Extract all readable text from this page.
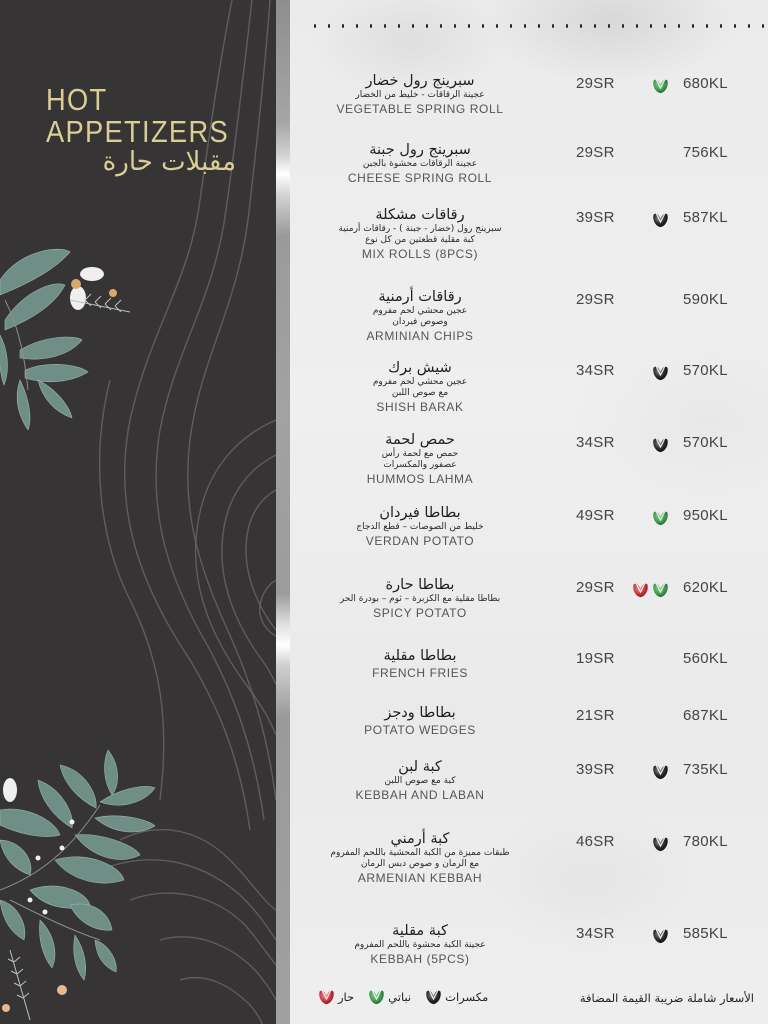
HOT
APPETIZERS
مقبلات حارة
سبرينج رول خضار
عجينة الرقاقات - خليط من الخضار
VEGETABLE SPRING ROLL
29SR	680KL
سبرينج رول جبنة
عجينة الرقاقات محشوة بالجبن
CHEESE SPRING ROLL
29SR	756KL
رقاقات مشكلة
سبرينج رول (خضار - جبنة ) - رقاقات أرمنية
كبة مقلية قطعتين من كل نوع
MIX ROLLS (8PCS)
39SR	587KL
رقاقات أرمنية
عجين محشي لحم مفروم
وصوص فيردان
ARMINIAN CHIPS
29SR	590KL
شيش برك
عجين محشي لحم مفروم
مع صوص اللبن
SHISH BARAK
34SR	570KL
حمص لحمة
حمص مع لحمة رأس
عصفور والمكسرات
HUMMOS LAHMA
34SR	570KL
بطاطا فيردان
خليط من الصوصات – قطع الدجاج
VERDAN POTATO
49SR	950KL
بطاطا حارة
بطاطا مقلية مع الكزبرة – ثوم – بودرة الحر
SPICY POTATO
29SR	620KL
بطاطا مقلية
FRENCH FRIES
19SR	560KL
بطاطا ودجز
POTATO WEDGES
21SR	687KL
كبة لبن
كبة مع صوص اللبن
KEBBAH AND LABAN
39SR	735KL
كبة أرمني
طبقات مميزة من الكبة المحشية باللحم المفروم
مع الرمان و صوص دبس الرمان
ARMENIAN KEBBAH
46SR	780KL
كبة مقلية
عجينة الكبة محشوة باللحم المفروم
KEBBAH (5PCS)
34SR	585KL
مكسرات
نباتي
حار	الأسعار شاملة ضريبة القيمة المضافة
